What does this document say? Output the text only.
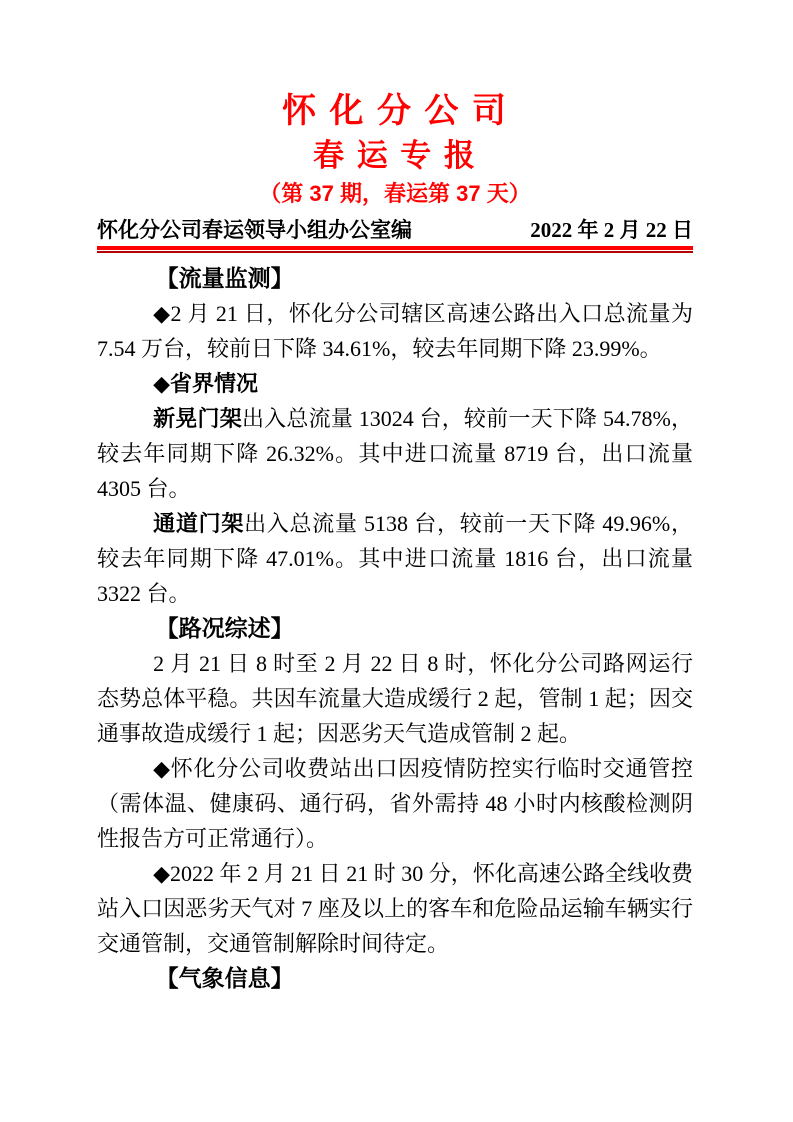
怀 化 分 公 司
春 运 专 报
（第 37 期，春运第 37 天）
怀化分公司春运领导小组办公室编	2022 年 2 月 22 日
【流量监测】

◆2 月 21 日，怀化分公司辖区高速公路出入口总流量为 7.54 万台，较前日下降 34.61%，较去年同期下降 23.99%。

◆省界情况

新晃门架出入总流量 13024 台，较前一天下降 54.78%，较去年同期下降 26.32%。其中进口流量 8719 台，出口流量 4305 台。

通道门架出入总流量 5138 台，较前一天下降 49.96%，较去年同期下降 47.01%。其中进口流量 1816 台，出口流量 3322 台。

【路况综述】

2 月 21 日 8 时至 2 月 22 日 8 时，怀化分公司路网运行态势总体平稳。共因车流量大造成缓行 2 起，管制 1 起；因交通事故造成缓行 1 起；因恶劣天气造成管制 2 起。

◆怀化分公司收费站出口因疫情防控实行临时交通管控（需体温、健康码、通行码，省外需持 48 小时内核酸检测阴性报告方可正常通行）。

◆2022 年 2 月 21 日 21 时 30 分，怀化高速公路全线收费站入口因恶劣天气对 7 座及以上的客车和危险品运输车辆实行交通管制，交通管制解除时间待定。

【气象信息】
